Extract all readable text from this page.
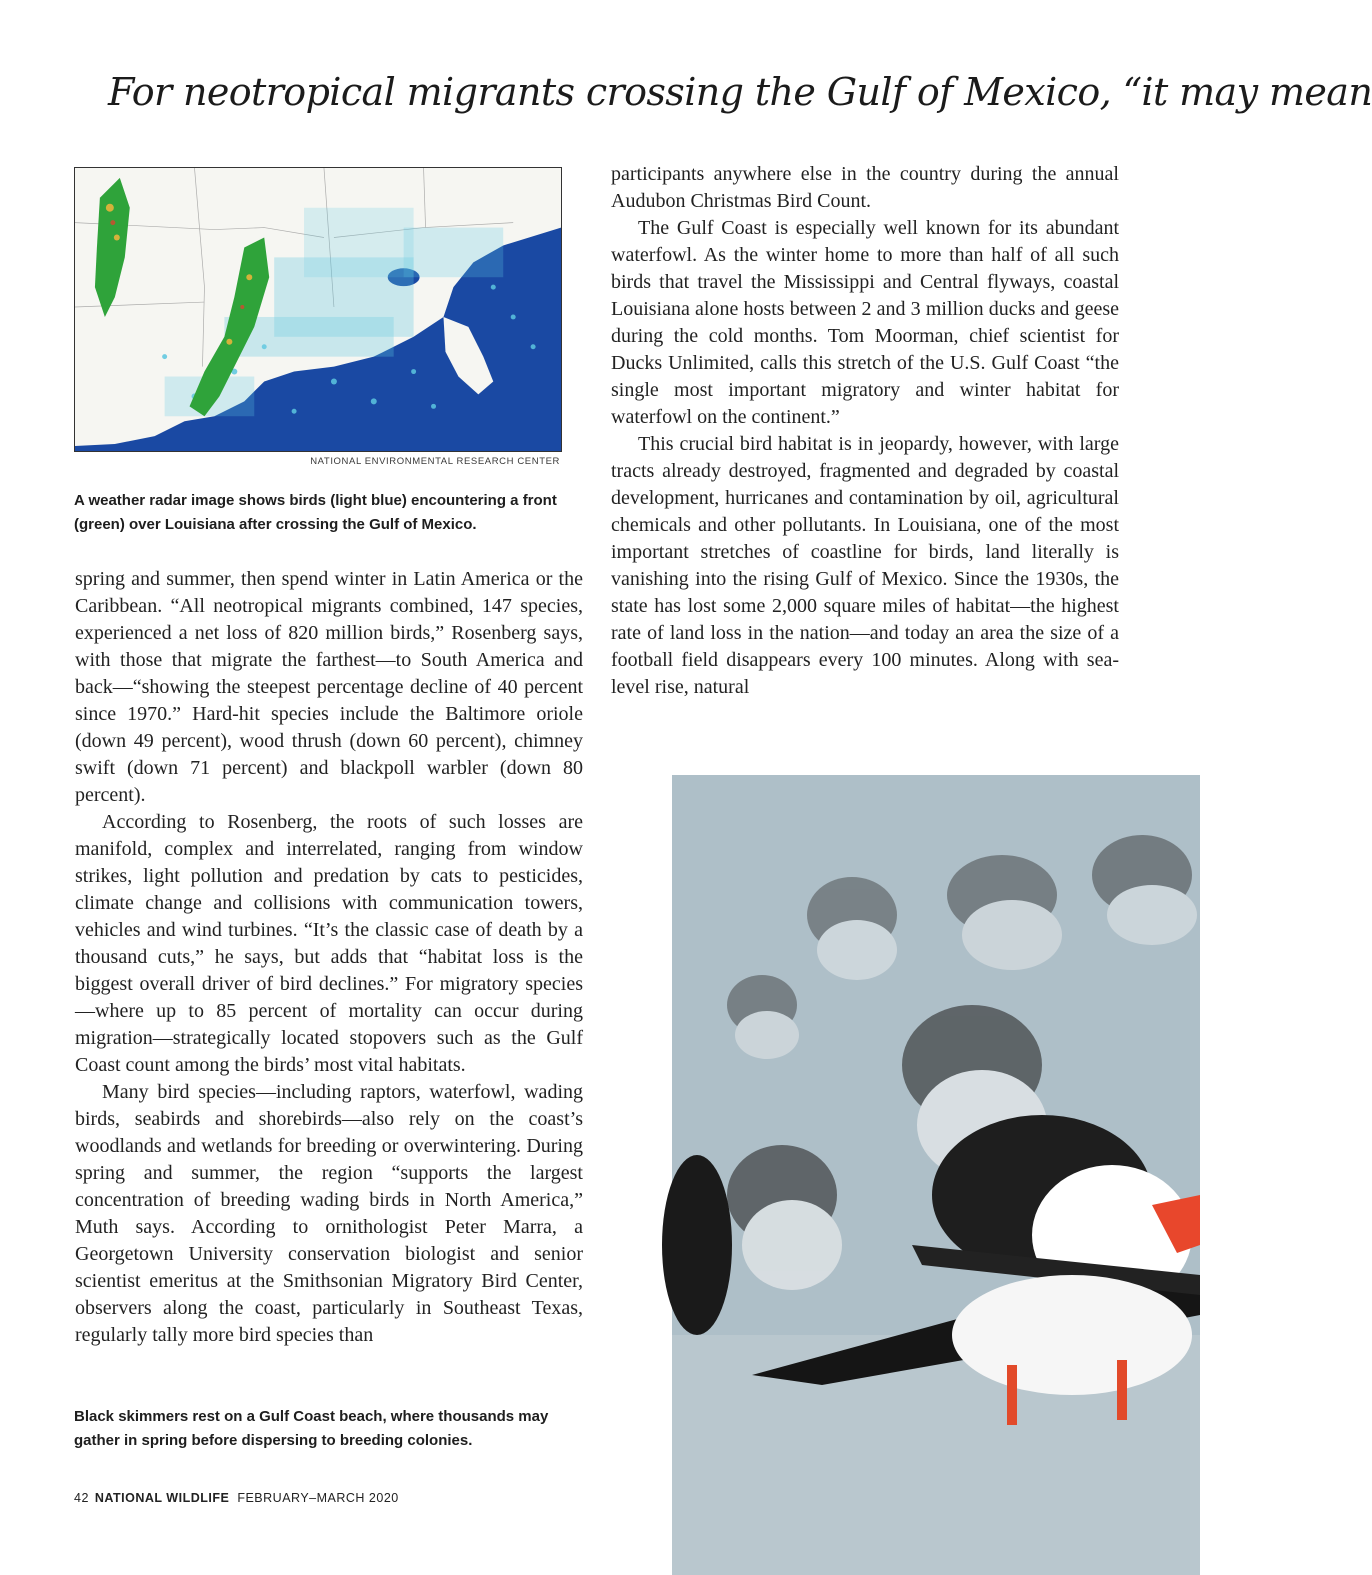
For neotropical migrants crossing the Gulf of Mexico, “it may mean
NATIONAL ENVIRONMENTAL RESEARCH CENTER
A weather radar image shows birds (light blue) encountering a front (green) over Louisiana after crossing the Gulf of Mexico.

spring and summer, then spend winter in Latin America or the Caribbean. “All neotropical migrants combined, 147 species, experienced a net loss of 820 million birds,” Rosenberg says, with those that migrate the farthest—to South America and back—“showing the steepest percentage decline of 40 percent since 1970.” Hard-hit species include the Baltimore oriole (down 49 percent), wood thrush (down 60 percent), chimney swift (down 71 percent) and blackpoll warbler (down 80 percent).

According to Rosenberg, the roots of such losses are manifold, complex and interrelated, ranging from window strikes, light pollution and predation by cats to pesticides, climate change and collisions with communication towers, vehicles and wind turbines. “It’s the classic case of death by a thousand cuts,” he says, but adds that “habitat loss is the biggest overall driver of bird declines.” For migratory species—where up to 85 percent of mortality can occur during migration—strategically located stopovers such as the Gulf Coast count among the birds’ most vital habitats.

Many bird species—including raptors, waterfowl, wading birds, seabirds and shorebirds—also rely on the coast’s woodlands and wetlands for breeding or overwintering. During spring and summer, the region “supports the largest concentration of breeding wading birds in North America,” Muth says. According to ornithologist Peter Marra, a Georgetown University conservation biologist and senior scientist emeritus at the Smithsonian Migratory Bird Center, observers along the coast, particularly in Southeast Texas, regularly tally more bird species than

participants anywhere else in the country during the annual Audubon Christmas Bird Count.

The Gulf Coast is especially well known for its abundant waterfowl. As the winter home to more than half of all such birds that travel the Mississippi and Central flyways, coastal Louisiana alone hosts between 2 and 3 million ducks and geese during the cold months. Tom Moorman, chief scientist for Ducks Unlimited, calls this stretch of the U.S. Gulf Coast “the single most important migratory and winter habitat for waterfowl on the continent.”

This crucial bird habitat is in jeopardy, however, with large tracts already destroyed, fragmented and degraded by coastal development, hurricanes and contamination by oil, agricultural chemicals and other pollutants. In Louisiana, one of the most important stretches of coastline for birds, land literally is vanishing into the rising Gulf of Mexico. Since the 1930s, the state has lost some 2,000 square miles of habitat—the highest rate of land loss in the nation—and today an area the size of a football field disappears every 100 minutes. Along with sea-level rise, natural

Black skimmers rest on a Gulf Coast beach, where thousands may gather in spring before dispersing to breeding colonies.
42 NATIONAL WILDLIFE FEBRUARY–MARCH 2020
